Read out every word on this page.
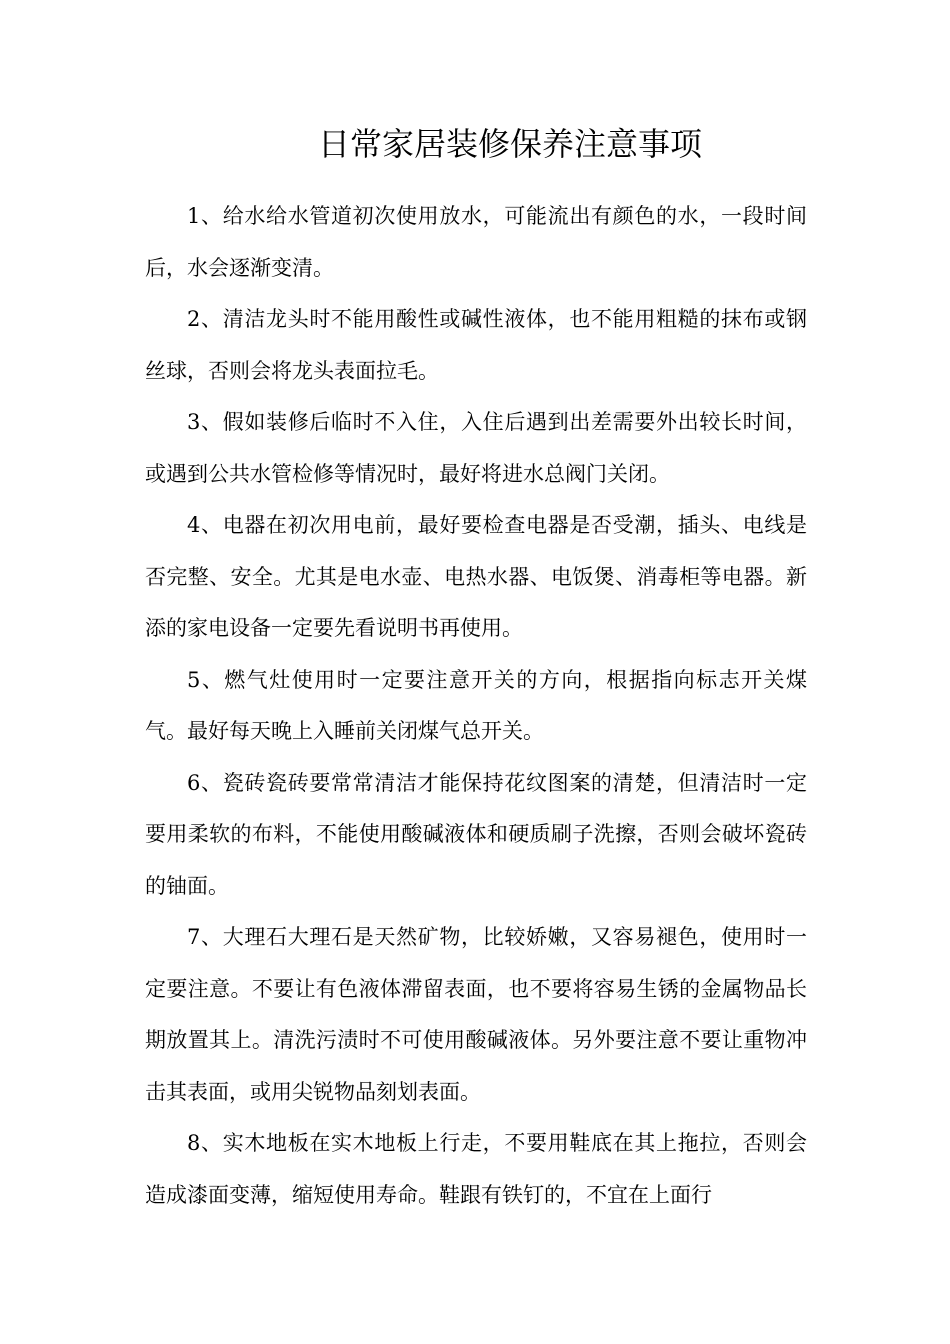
日常家居装修保养注意事项

1、给水给水管道初次使用放水，可能流出有颜色的水，一段时间后，水会逐渐变清。

2、清洁龙头时不能用酸性或碱性液体，也不能用粗糙的抹布或钢丝球，否则会将龙头表面拉毛。

3、假如装修后临时不入住，入住后遇到出差需要外出较长时间，或遇到公共水管检修等情况时，最好将进水总阀门关闭。

4、电器在初次用电前，最好要检查电器是否受潮，插头、电线是否完整、安全。尤其是电水壶、电热水器、电饭煲、消毒柜等电器。新添的家电设备一定要先看说明书再使用。

5、燃气灶使用时一定要注意开关的方向，根据指向标志开关煤气。最好每天晚上入睡前关闭煤气总开关。

6、瓷砖瓷砖要常常清洁才能保持花纹图案的清楚，但清洁时一定要用柔软的布料，不能使用酸碱液体和硬质刷子洗擦，否则会破坏瓷砖的铀面。

7、大理石大理石是天然矿物，比较娇嫩，又容易褪色，使用时一定要注意。不要让有色液体滞留表面，也不要将容易生锈的金属物品长期放置其上。清洗污渍时不可使用酸碱液体。另外要注意不要让重物冲击其表面，或用尖锐物品刻划表面。

8、实木地板在实木地板上行走，不要用鞋底在其上拖拉，否则会造成漆面变薄，缩短使用寿命。鞋跟有铁钉的，不宜在上面行
